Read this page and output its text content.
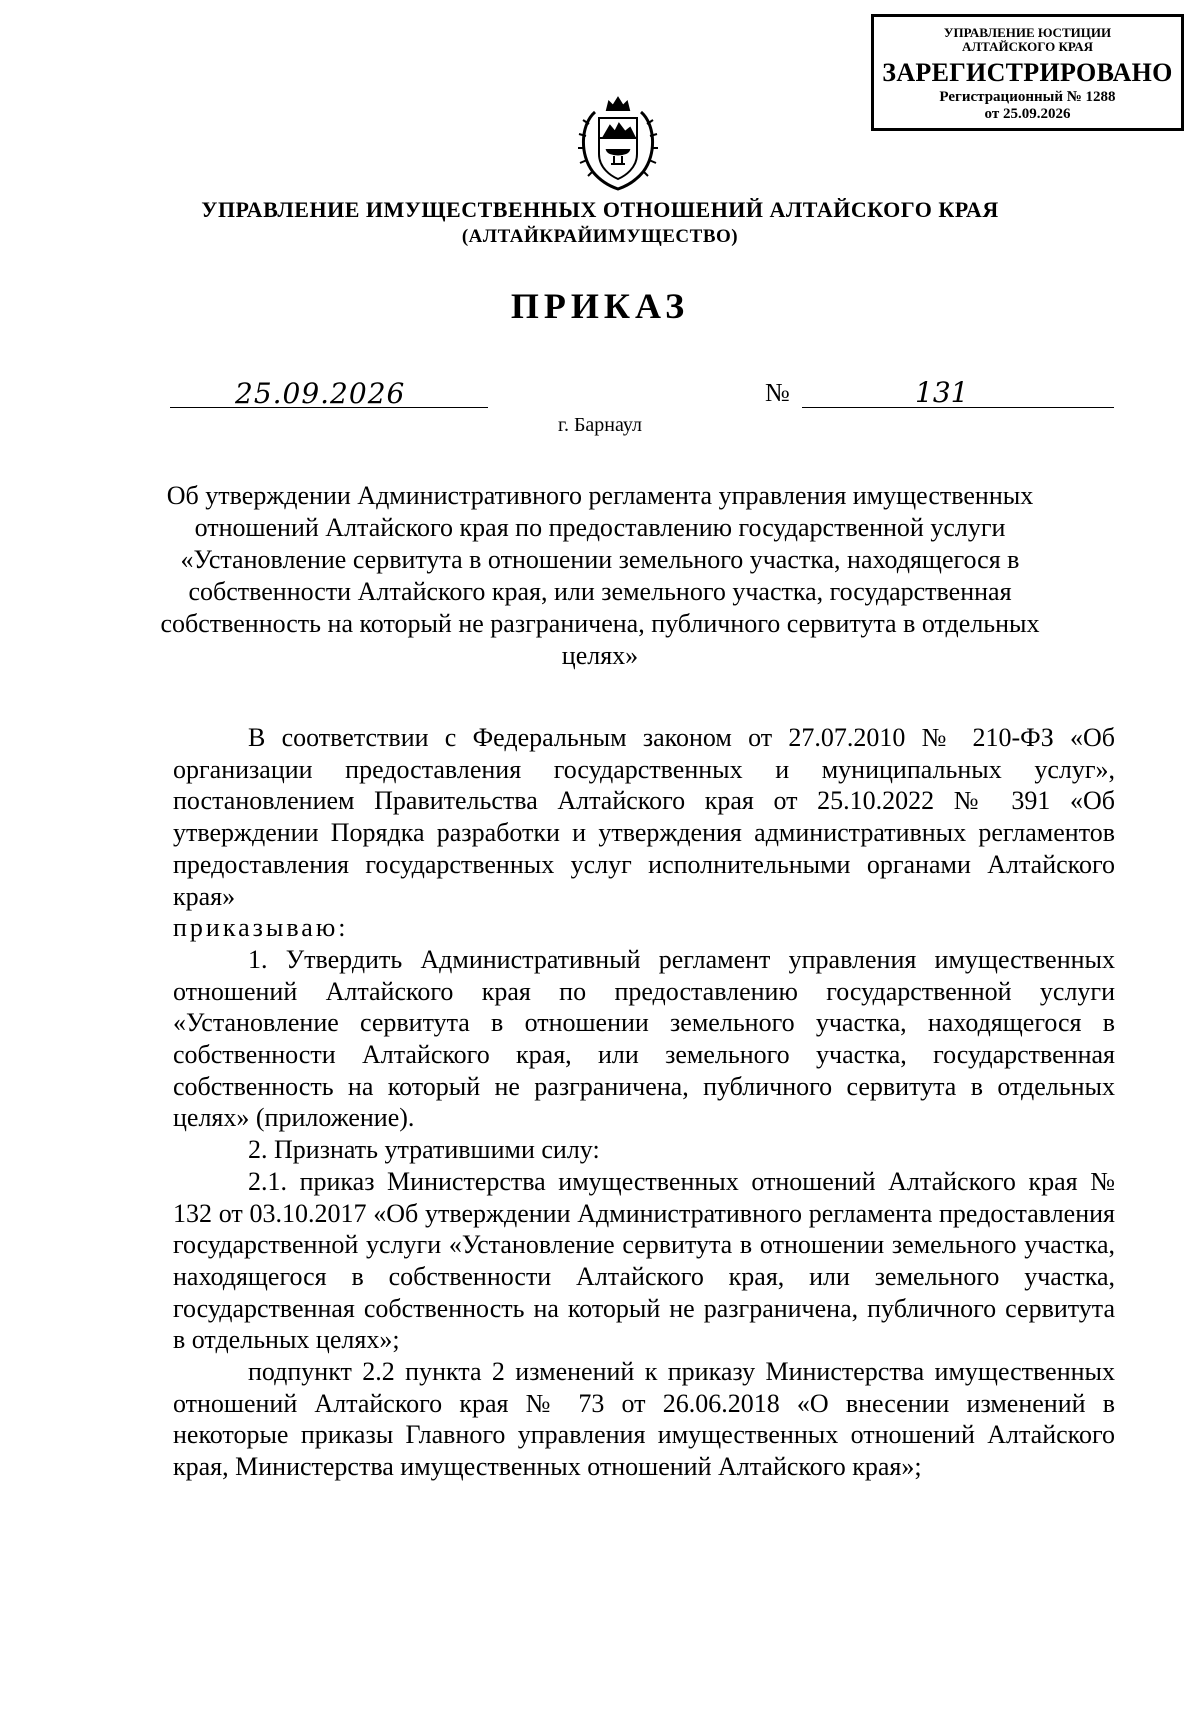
УПРАВЛЕНИЕ ЮСТИЦИИ
АЛТАЙСКОГО КРАЯ
ЗАРЕГИСТРИРОВАНО
Регистрационный № 1288
от 25.09.2026
УПРАВЛЕНИЕ ИМУЩЕСТВЕННЫХ ОТНОШЕНИЙ АЛТАЙСКОГО КРАЯ
(АЛТАЙКРАЙИМУЩЕСТВО)
ПРИКАЗ
25.09.2026	№	131
г. Барнаул
Об утверждении Административного регламента управления имущественных отношений Алтайского края по предоставлению государственной услуги «Установление сервитута в отношении земельного участка, находящегося в собственности Алтайского края, или земельного участка, государственная собственность на который не разграничена, публичного сервитута в отдельных целях»

В соответствии с Федеральным законом от 27.07.2010 № 210-ФЗ «Об организации предоставления государственных и муниципальных услуг», постановлением Правительства Алтайского края от 25.10.2022 № 391 «Об утверждении Порядка разработки и утверждения административных регламентов предоставления государственных услуг исполнительными органами Алтайского края»

приказываю:

1. Утвердить Административный регламент управления имущественных отношений Алтайского края по предоставлению государственной услуги «Установление сервитута в отношении земельного участка, находящегося в собственности Алтайского края, или земельного участка, государственная собственность на который не разграничена, публичного сервитута в отдельных целях» (приложение).

2. Признать утратившими силу:

2.1. приказ Министерства имущественных отношений Алтайского края № 132 от 03.10.2017 «Об утверждении Административного регламента предоставления государственной услуги «Установление сервитута в отношении земельного участка, находящегося в собственности Алтайского края, или земельного участка, государственная собственность на который не разграничена, публичного сервитута в отдельных целях»;

подпункт 2.2 пункта 2 изменений к приказу Министерства имущественных отношений Алтайского края № 73 от 26.06.2018 «О внесении изменений в некоторые приказы Главного управления имущественных отношений Алтайского края, Министерства имущественных отношений Алтайского края»;
